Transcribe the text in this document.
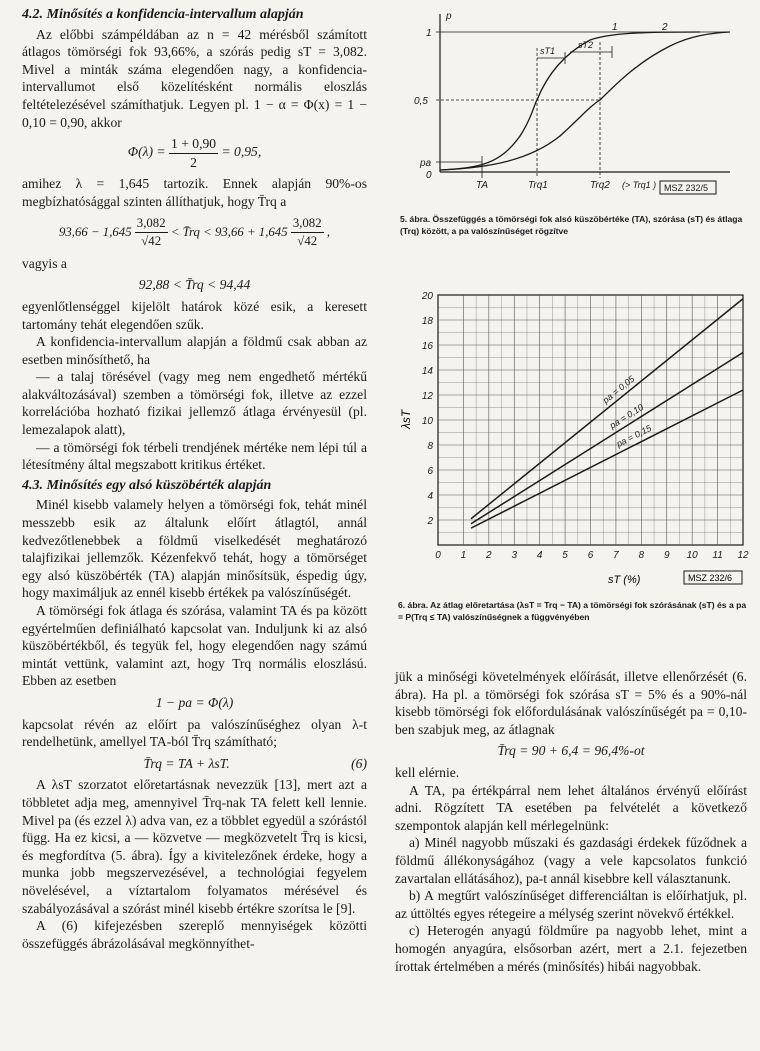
4.2. Minősítés a konfidencia-intervallum alapján

Az előbbi számpéldában az n = 42 mérésből számított átlagos tömörségi fok 93,66%, a szórás pedig sT = 3,082. Mivel a minták száma elegendően nagy, a konfidencia-intervallumot első közelítésként normális eloszlás feltételezésével számíthatjuk. Legyen pl. 1 − α = Φ(x) = 1 − 0,10 = 0,90, akkor

$\Phi(\lambda) = \frac{1 + 0,90}{2} = 0,95$,

amihez λ = 1,645 tartozik. Ennek alapján 90%-os megbízhatósággal szinten állíthatjuk, hogy T̄rq a

$93,66 - 1,645 \frac{3,082}{√42}$ < T̄rq < $93,66 + 1,645 \frac{3,082}{√42}$ ,

vagyis a

92,88 < T̄rq < 94,44

egyenlőtlenséggel kijelölt határok közé esik, a keresett tartomány tehát elegendően szűk.

A konfidencia-intervallum alapján a földmű csak abban az esetben minősíthető, ha

— a talaj törésével (vagy meg nem engedhető mértékű alakváltozásával) szemben a tömörségi fok, illetve az ezzel korrelációba hozható fizikai jellemző átlaga érvényesül (pl. lemezalapok alatt),

— a tömörségi fok térbeli trendjének mértéke nem lépi túl a létesítmény által megszabott kritikus értéket.

4.3. Minősítés egy alsó küszöbérték alapján

Minél kisebb valamely helyen a tömörségi fok, tehát minél messzebb esik az általunk előírt átlagtól, annál kedvezőtlenebbek a földmű viselkedését meghatározó talajfizikai jellemzők. Kézenfekvő tehát, hogy a tömörséget egy alsó küszöbérték (TA) alapján minősítsük, éspedig úgy, hogy maximáljuk az ennél kisebb értékek pa valószínűségét.

A tömörségi fok átlaga és szórása, valamint TA és pa között egyértelműen definiálható kapcsolat van. Induljunk ki az alsó küszöbértékből, és tegyük fel, hogy elegendően nagy számú mintát vettünk, valamint azt, hogy Trq normális eloszlású. Ebben az esetben

1 − pa = Φ(λ)

kapcsolat révén az előírt pa valószínűséghez olyan λ-t rendelhetünk, amellyel TA-ból T̄rq számítható;

(6)
T̄rq = TA + λsT.

A λsT szorzatot előretartásnak nevezzük [13], mert azt a többletet adja meg, amennyivel T̄rq-nak TA felett kell lennie. Mivel pa (és ezzel λ) adva van, ez a többlet egyedül a szórástól függ. Ha ez kicsi, a — közvetve — megközvetelt T̄rq is kicsi, és megfordítva (5. ábra). Így a kivitelezőnek érdeke, hogy a munka jobb megszervezésével, a technológiai fegyelem növelésével, a víztartalom folyamatos mérésével és szabályozásával a szórást minél kisebb értékre szorítsa le [9].

A (6) kifejezésben szereplő mennyiségek közötti összefüggés ábrázolásával megkönnyíthet-

p
1
0,5
pa
0
TA	Trq1	Trq2 (> Trq1 )
1	2
sT1
sT2
MSZ 232/5
5. ábra. Összefüggés a tömörségi fok alsó küszöbértéke (TA), szórása (sT) és átlaga (Trq) között, a pa valószínűséget rögzítve
pa = 0,05
pa = 0,10
pa = 0,15
0 1 2 3 4 5 6 7 8 9 10 11 12
2
4
6
8
10
12
14
16
18
20
λsT
sT (%)	MSZ 232/6
6. ábra. Az átlag előretartása (λsT = Trq − TA) a tömörségi fok szórásának (sT) és a pa = P(Trq ≤ TA) valószínűségnek a függvényében

jük a minőségi követelmények előírását, illetve ellenőrzését (6. ábra). Ha pl. a tömörségi fok szórása sT = 5% és a 90%-nál kisebb tömörségi fok előfordulásának valószínűségét pa = 0,10-ben szabjuk meg, az átlagnak

T̄rq = 90 + 6,4 = 96,4%-ot

kell elérnie.

A TA, pa értékpárral nem lehet általános érvényű előírást adni. Rögzített TA esetében pa felvételét a következő szempontok alapján kell mérlegelnünk:

a) Minél nagyobb műszaki és gazdasági érdekek fűződnek a földmű állékonyságához (vagy a vele kapcsolatos funkció zavartalan ellátásához), pa-t annál kisebbre kell választanunk.

b) A megtűrt valószínűséget differenciáltan is előírhatjuk, pl. az úttöltés egyes rétegeire a mélység szerint növekvő értékkel.

c) Heterogén anyagú földműre pa nagyobb lehet, mint a homogén anyagúra, elsősorban azért, mert a 2.1. fejezetben írottak értelmében a mérés (minősítés) hibái nagyobbak.
